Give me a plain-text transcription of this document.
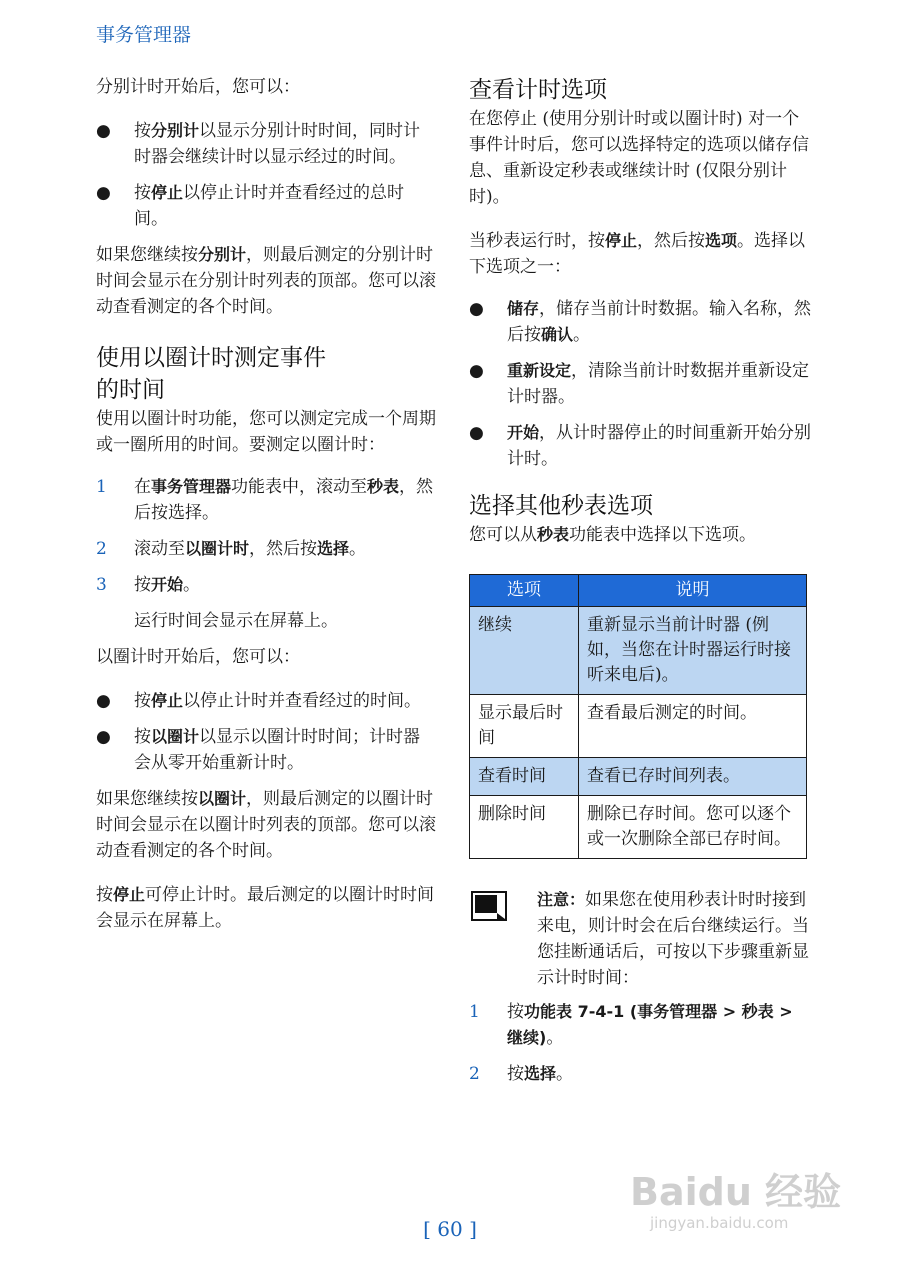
事务管理器

分别计时开始后，您可以：

● 按分别计以显示分别计时时间，同时计时器会继续计时以显示经过的时间。
● 按停止以停止计时并查看经过的总时间。

如果您继续按分别计，则最后测定的分别计时时间会显示在分别计时列表的顶部。您可以滚动查看测定的各个时间。

使用以圈计时测定事件
的时间

使用以圈计时功能，您可以测定完成一个周期或一圈所用的时间。要测定以圈计时：

1 在事务管理器功能表中，滚动至秒表，然后按选择。
2 滚动至以圈计时，然后按选择。
3 按开始。

运行时间会显示在屏幕上。

以圈计时开始后，您可以：

● 按停止以停止计时并查看经过的时间。
● 按以圈计以显示以圈计时时间；计时器会从零开始重新计时。

如果您继续按以圈计，则最后测定的以圈计时时间会显示在以圈计时列表的顶部。您可以滚动查看测定的各个时间。

按停止可停止计时。最后测定的以圈计时时间会显示在屏幕上。

查看计时选项

在您停止 (使用分别计时或以圈计时) 对一个事件计时后，您可以选择特定的选项以储存信息、重新设定秒表或继续计时 (仅限分别计时)。

当秒表运行时，按停止，然后按选项。选择以下选项之一：

● 储存，储存当前计时数据。输入名称，然后按确认。
● 重新设定，清除当前计时数据并重新设定计时器。
● 开始，从计时器停止的时间重新开始分别计时。
选择其他秒表选项

您可以从秒表功能表中选择以下选项。

选项	说明
继续	重新显示当前计时器 (例如，当您在计时器运行时接听来电后)。
显示最后时间	查看最后测定的时间。
查看时间	查看已存时间列表。
删除时间	删除已存时间。您可以逐个或一次删除全部已存时间。

注意：如果您在使用秒表计时时接到来电，则计时会在后台继续运行。当您挂断通话后，可按以下步骤重新显示计时时间：

1 按功能表 7-4-1 (事务管理器 > 秒表 > 继续)。
2 按选择。
Baidu 经验
jingyan.baidu.com
[ 60 ]
